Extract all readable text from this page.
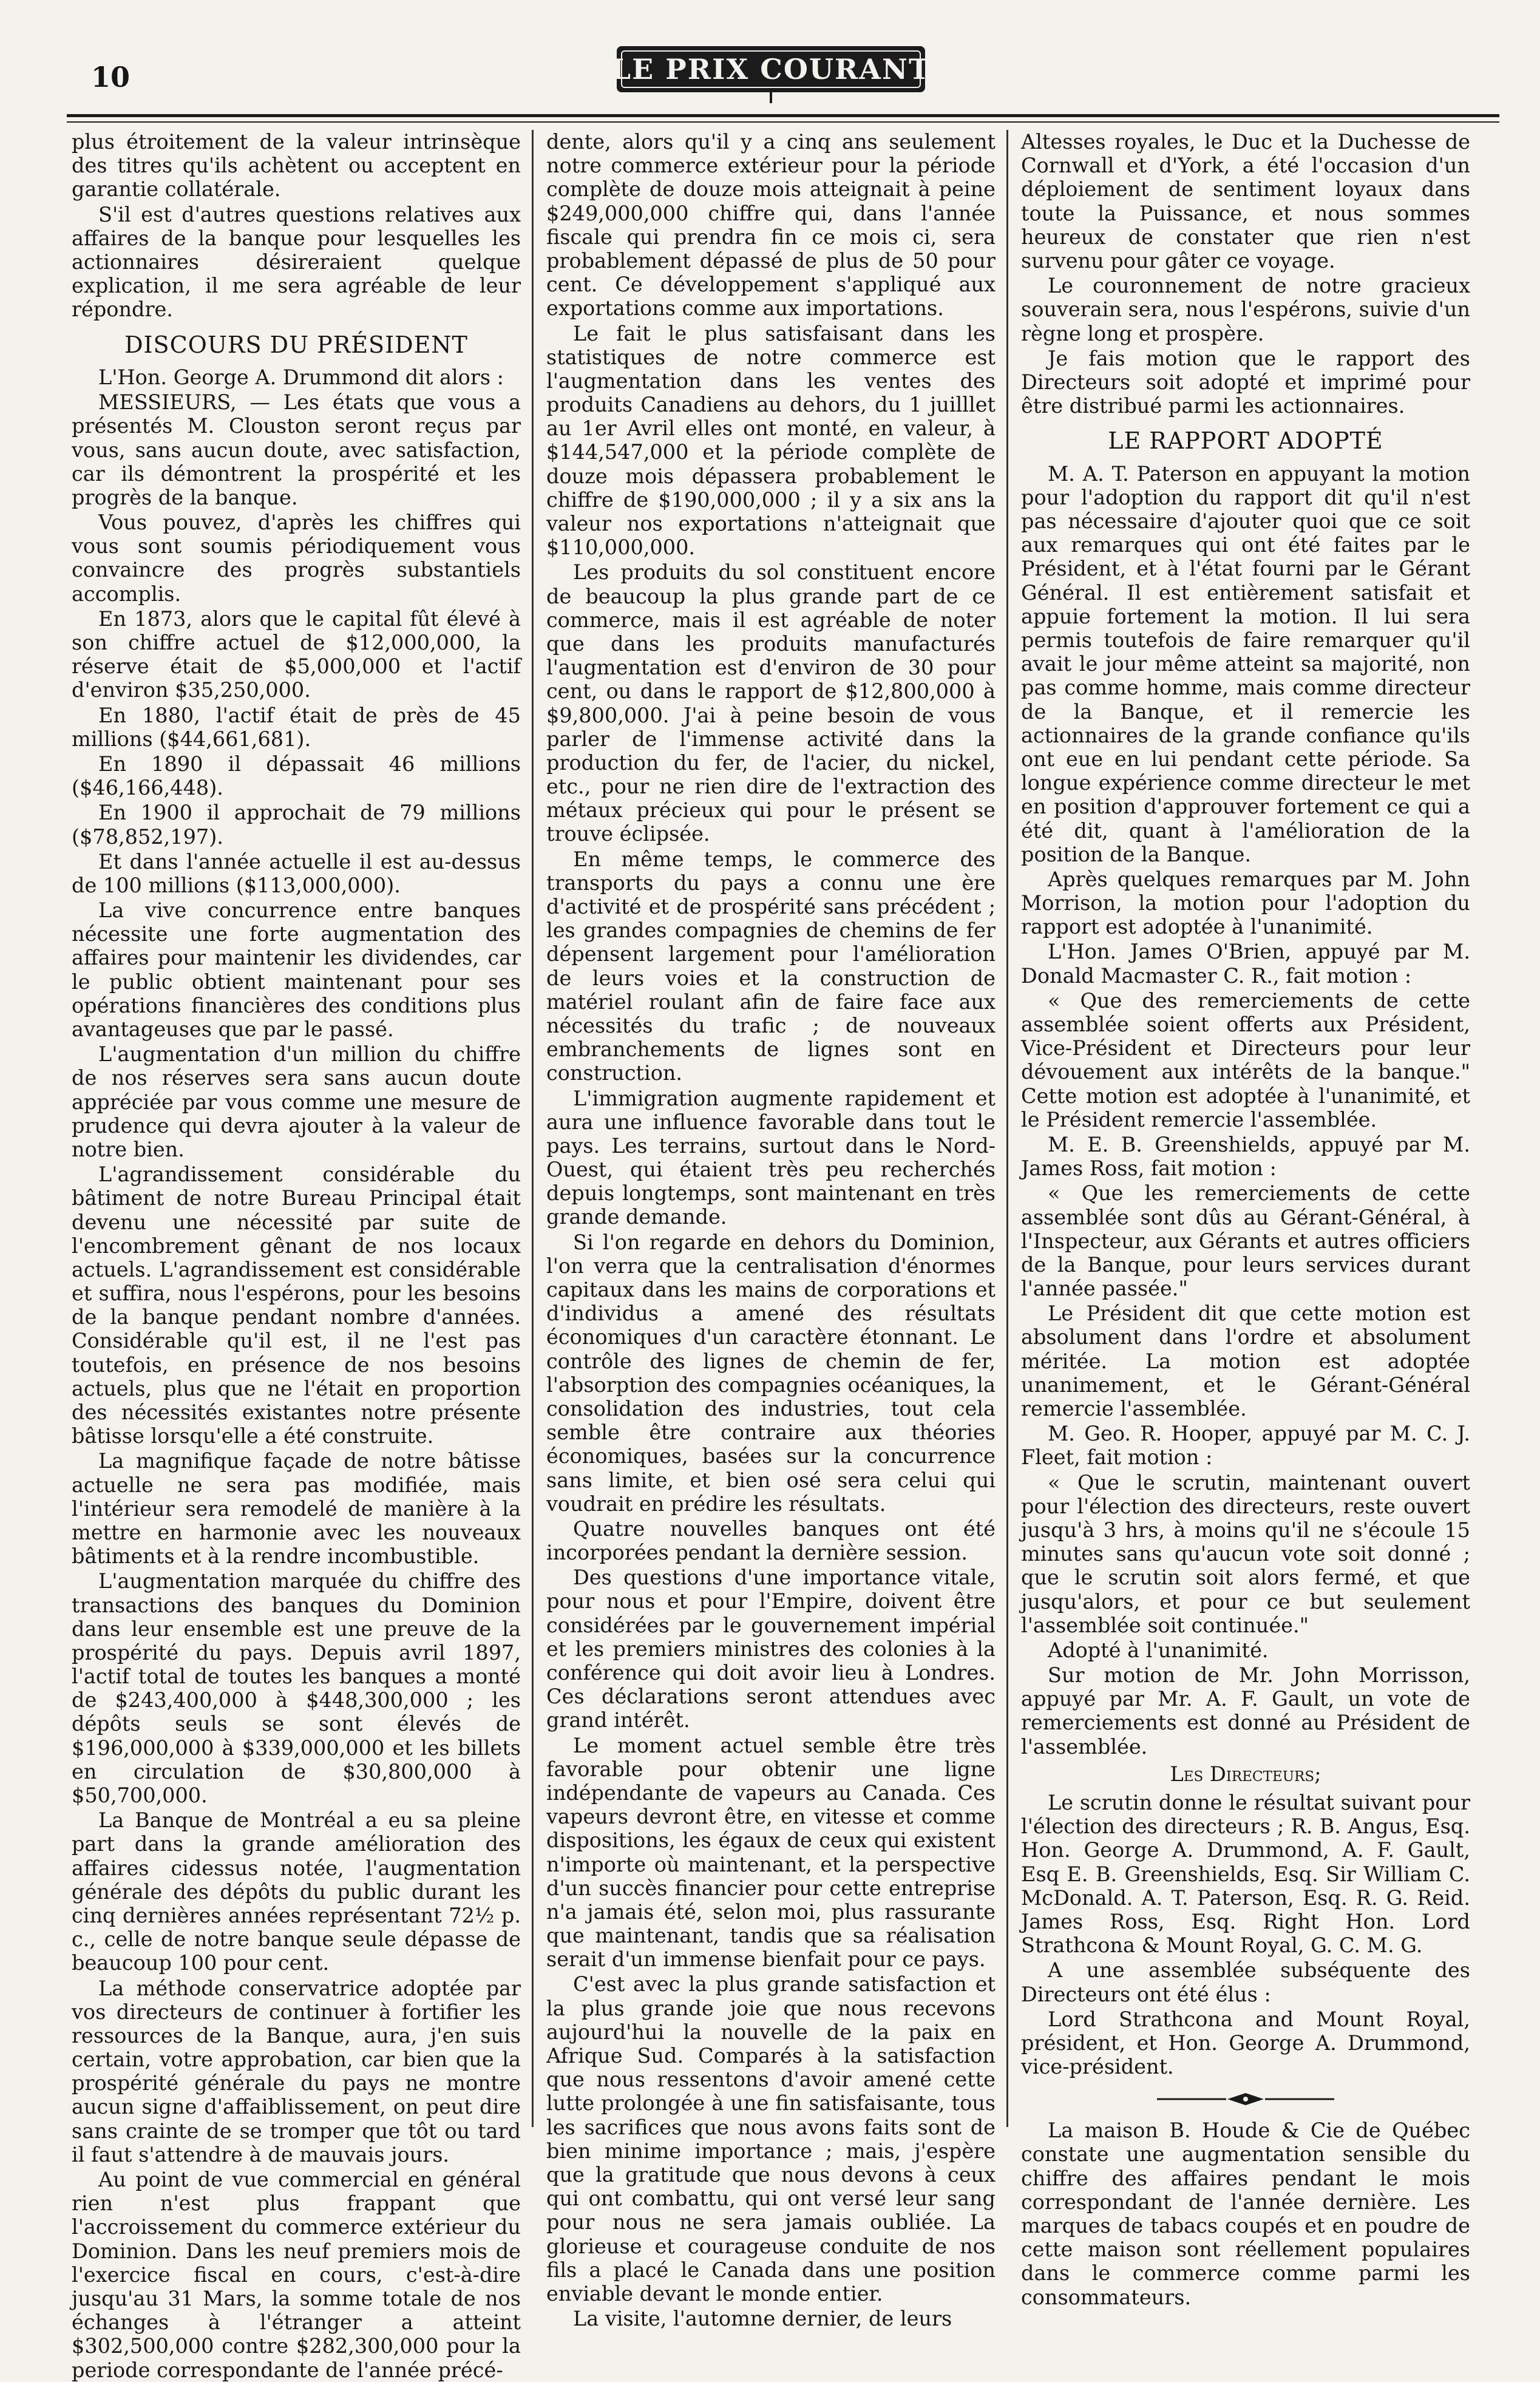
10	LE PRIX COURANT

plus étroitement de la valeur intrinsèque des titres qu'ils achètent ou acceptent en garantie collatérale.

S'il est d'autres questions relatives aux affaires de la banque pour lesquelles les actionnaires désireraient quelque explication, il me sera agréable de leur répondre.

DISCOURS DU PRÉSIDENT

L'Hon. George A. Drummond dit alors :

MESSIEURS, — Les états que vous a présentés M. Clouston seront reçus par vous, sans aucun doute, avec satisfaction, car ils démontrent la prospérité et les progrès de la banque.

Vous pouvez, d'après les chiffres qui vous sont soumis périodiquement vous convaincre des progrès substantiels accomplis.

En 1873, alors que le capital fût élevé à son chiffre actuel de $12,000,000, la réserve était de $5,000,000 et l'actif d'environ $35,250,000.

En 1880, l'actif était de près de 45 millions ($44,661,681).

En 1890 il dépassait 46 millions ($46,166,448).

En 1900 il approchait de 79 millions ($78,852,197).

Et dans l'année actuelle il est au-dessus de 100 millions ($113,000,000).

La vive concurrence entre banques nécessite une forte augmentation des affaires pour maintenir les dividendes, car le public obtient maintenant pour ses opérations financières des conditions plus avantageuses que par le passé.

L'augmentation d'un million du chiffre de nos réserves sera sans aucun doute appréciée par vous comme une mesure de prudence qui devra ajouter à la valeur de notre bien.

L'agrandissement considérable du bâtiment de notre Bureau Principal était devenu une nécessité par suite de l'encombrement gênant de nos locaux actuels. L'agrandissement est considérable et suffira, nous l'espérons, pour les besoins de la banque pendant nombre d'années. Considérable qu'il est, il ne l'est pas toutefois, en présence de nos besoins actuels, plus que ne l'était en proportion des nécessités existantes notre présente bâtisse lorsqu'elle a été construite.

La magnifique façade de notre bâtisse actuelle ne sera pas modifiée, mais l'intérieur sera remodelé de manière à la mettre en harmonie avec les nouveaux bâtiments et à la rendre incombustible.

L'augmentation marquée du chiffre des transactions des banques du Dominion dans leur ensemble est une preuve de la prospérité du pays. Depuis avril 1897, l'actif total de toutes les banques a monté de $243,400,000 à $448,300,000 ; les dépôts seuls se sont élevés de $196,000,000 à $339,000,000 et les billets en circulation de $30,800,000 à $50,700,000.

La Banque de Montréal a eu sa pleine part dans la grande amélioration des affaires cidessus notée, l'augmentation générale des dépôts du public durant les cinq dernières années représentant 72½ p. c., celle de notre banque seule dépasse de beaucoup 100 pour cent.

La méthode conservatrice adoptée par vos directeurs de continuer à fortifier les ressources de la Banque, aura, j'en suis certain, votre approbation, car bien que la prospérité générale du pays ne montre aucun signe d'affaiblissement, on peut dire sans crainte de se tromper que tôt ou tard il faut s'attendre à de mauvais jours.

Au point de vue commercial en général rien n'est plus frappant que l'accroissement du commerce extérieur du Dominion. Dans les neuf premiers mois de l'exercice fiscal en cours, c'est-à-dire jusqu'au 31 Mars, la somme totale de nos échanges à l'étranger a atteint $302,500,000 contre $282,300,000 pour la periode correspondante de l'année précé-

dente, alors qu'il y a cinq ans seulement notre commerce extérieur pour la période complète de douze mois atteignait à peine $249,000,000 chiffre qui, dans l'année fiscale qui prendra fin ce mois ci, sera probablement dépassé de plus de 50 pour cent. Ce développement s'appliqué aux exportations comme aux importations.

Le fait le plus satisfaisant dans les statistiques de notre commerce est l'augmentation dans les ventes des produits Canadiens au dehors, du 1 juilllet au 1er Avril elles ont monté, en valeur, à $144,547,000 et la période complète de douze mois dépassera probablement le chiffre de $190,000,000 ; il y a six ans la valeur nos exportations n'atteignait que $110,000,000.

Les produits du sol constituent encore de beaucoup la plus grande part de ce commerce, mais il est agréable de noter que dans les produits manufacturés l'augmentation est d'environ de 30 pour cent, ou dans le rapport de $12,800,000 à $9,800,000. J'ai à peine besoin de vous parler de l'immense activité dans la production du fer, de l'acier, du nickel, etc., pour ne rien dire de l'extraction des métaux précieux qui pour le présent se trouve éclipsée.

En même temps, le commerce des transports du pays a connu une ère d'activité et de prospérité sans précédent ; les grandes compagnies de chemins de fer dépensent largement pour l'amélioration de leurs voies et la construction de matériel roulant afin de faire face aux nécessités du trafic ; de nouveaux embranchements de lignes sont en construction.

L'immigration augmente rapidement et aura une influence favorable dans tout le pays. Les terrains, surtout dans le Nord-Ouest, qui étaient très peu recherchés depuis longtemps, sont maintenant en très grande demande.

Si l'on regarde en dehors du Dominion, l'on verra que la centralisation d'énormes capitaux dans les mains de corporations et d'individus a amené des résultats économiques d'un caractère étonnant. Le contrôle des lignes de chemin de fer, l'absorption des compagnies océaniques, la consolidation des industries, tout cela semble être contraire aux théories économiques, basées sur la concurrence sans limite, et bien osé sera celui qui voudrait en prédire les résultats.

Quatre nouvelles banques ont été incorporées pendant la dernière session.

Des questions d'une importance vitale, pour nous et pour l'Empire, doivent être considérées par le gouvernement impérial et les premiers ministres des colonies à la conférence qui doit avoir lieu à Londres. Ces déclarations seront attendues avec grand intérêt.

Le moment actuel semble être très favorable pour obtenir une ligne indépendante de vapeurs au Canada. Ces vapeurs devront être, en vitesse et comme dispositions, les égaux de ceux qui existent n'importe où maintenant, et la perspective d'un succès financier pour cette entreprise n'a jamais été, selon moi, plus rassurante que maintenant, tandis que sa réalisation serait d'un immense bienfait pour ce pays.

C'est avec la plus grande satisfaction et la plus grande joie que nous recevons aujourd'hui la nouvelle de la paix en Afrique Sud. Comparés à la satisfaction que nous ressentons d'avoir amené cette lutte prolongée à une fin satisfaisante, tous les sacrifices que nous avons faits sont de bien minime importance ; mais, j'espère que la gratitude que nous devons à ceux qui ont combattu, qui ont versé leur sang pour nous ne sera jamais oubliée. La glorieuse et courageuse conduite de nos fils a placé le Canada dans une position enviable devant le monde entier.

La visite, l'automne dernier, de leurs

Altesses royales, le Duc et la Duchesse de Cornwall et d'York, a été l'occasion d'un déploiement de sentiment loyaux dans toute la Puissance, et nous sommes heureux de constater que rien n'est survenu pour gâter ce voyage.

Le couronnement de notre gracieux souverain sera, nous l'espérons, suivie d'un règne long et prospère.

Je fais motion que le rapport des Directeurs soit adopté et imprimé pour être distribué parmi les actionnaires.

LE RAPPORT ADOPTÉ

M. A. T. Paterson en appuyant la motion pour l'adoption du rapport dit qu'il n'est pas nécessaire d'ajouter quoi que ce soit aux remarques qui ont été faites par le Président, et à l'état fourni par le Gérant Général. Il est entièrement satisfait et appuie fortement la motion. Il lui sera permis toutefois de faire remarquer qu'il avait le jour même atteint sa majorité, non pas comme homme, mais comme directeur de la Banque, et il remercie les actionnaires de la grande confiance qu'ils ont eue en lui pendant cette période. Sa longue expérience comme directeur le met en position d'approuver fortement ce qui a été dit, quant à l'amélioration de la position de la Banque.

Après quelques remarques par M. John Morrison, la motion pour l'adoption du rapport est adoptée à l'unanimité.

L'Hon. James O'Brien, appuyé par M. Donald Macmaster C. R., fait motion :

« Que des remerciements de cette assemblée soient offerts aux Président, Vice-Président et Directeurs pour leur dévouement aux intérêts de la banque." Cette motion est adoptée à l'unanimité, et le Président remercie l'assemblée.

M. E. B. Greenshields, appuyé par M. James Ross, fait motion :

« Que les remerciements de cette assemblée sont dûs au Gérant-Général, à l'Inspecteur, aux Gérants et autres officiers de la Banque, pour leurs services durant l'année passée."

Le Président dit que cette motion est absolument dans l'ordre et absolument méritée. La motion est adoptée unanimement, et le Gérant-Général remercie l'assemblée.

M. Geo. R. Hooper, appuyé par M. C. J. Fleet, fait motion :

« Que le scrutin, maintenant ouvert pour l'élection des directeurs, reste ouvert jusqu'à 3 hrs, à moins qu'il ne s'écoule 15 minutes sans qu'aucun vote soit donné ; que le scrutin soit alors fermé, et que jusqu'alors, et pour ce but seulement l'assemblée soit continuée."

Adopté à l'unanimité.

Sur motion de Mr. John Morrisson, appuyé par Mr. A. F. Gault, un vote de remerciements est donné au Président de l'assemblée.

Les Directeurs;

Le scrutin donne le résultat suivant pour l'élection des directeurs ; R. B. Angus, Esq. Hon. George A. Drummond, A. F. Gault, Esq E. B. Greenshields, Esq. Sir William C. McDonald. A. T. Paterson, Esq. R. G. Reid. James Ross, Esq. Right Hon. Lord Strathcona & Mount Royal, G. C. M. G.

A une assemblée subséquente des Directeurs ont été élus :

Lord Strathcona and Mount Royal, président, et Hon. George A. Drummond, vice-président.

La maison B. Houde & Cie de Québec constate une augmentation sensible du chiffre des affaires pendant le mois correspondant de l'année dernière. Les marques de tabacs coupés et en poudre de cette maison sont réellement populaires dans le commerce comme parmi les consommateurs.
